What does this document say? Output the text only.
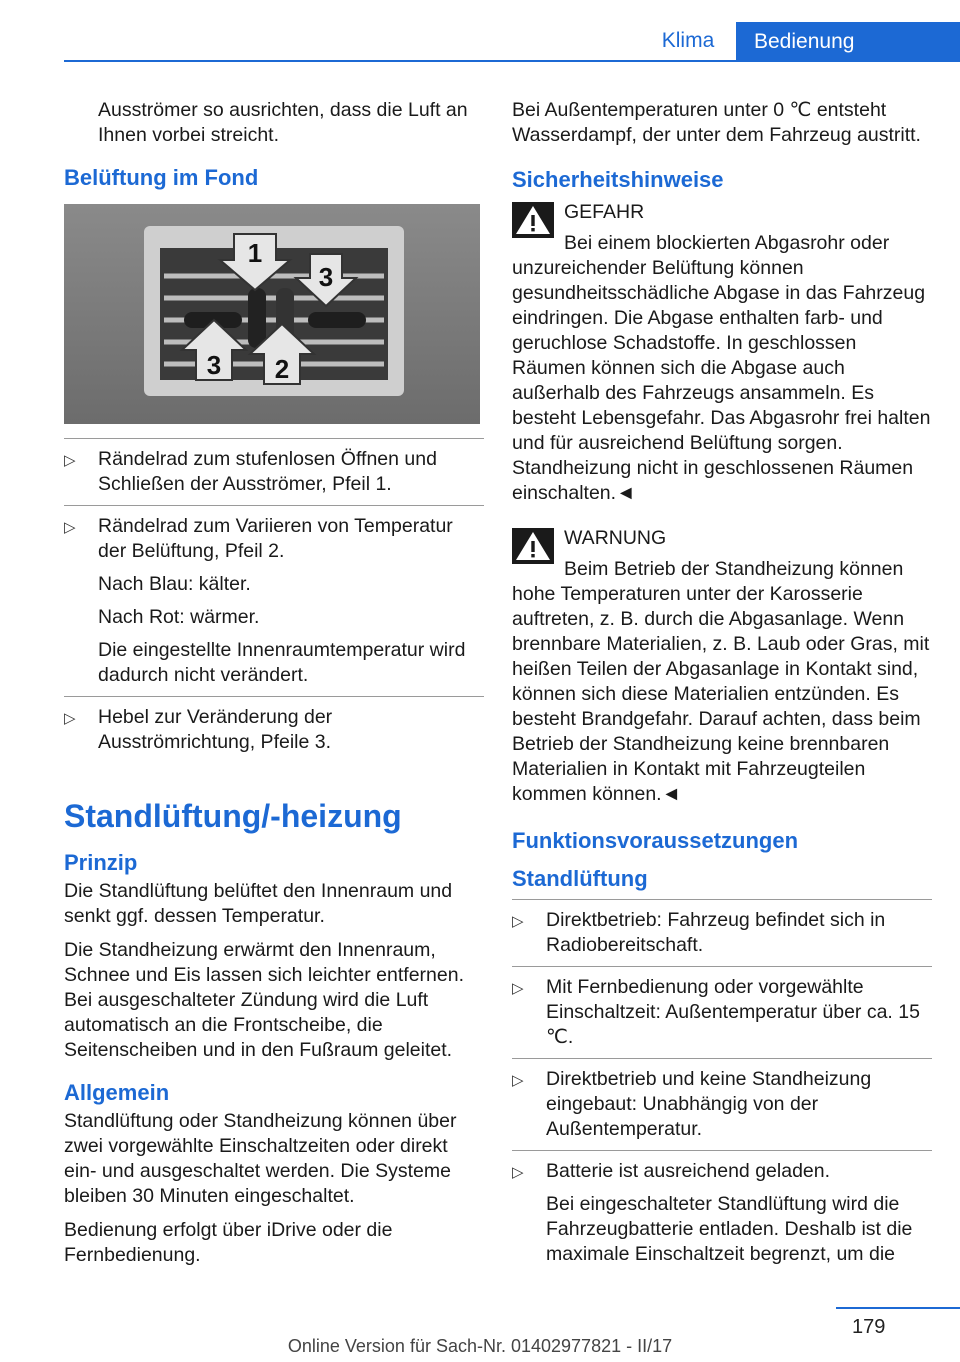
Klima	Bedienung

Ausströmer so ausrichten, dass die Luft an Ihnen vorbei streicht.

Belüftung im Fond
1
2
3
3
▷ Rändelrad zum stufenlosen Öffnen und Schließen der Ausströmer, Pfeil 1.

▷ Rändelrad zum Variieren von Temperatur der Belüftung, Pfeil 2.

Nach Blau: kälter.

Nach Rot: wärmer.

Die eingestellte Innenraumtemperatur wird dadurch nicht verändert.

▷ Hebel zur Veränderung der Ausströmrichtung, Pfeile 3.

Standlüftung/-heizung
Prinzip

Die Standlüftung belüftet den Innenraum und senkt ggf. dessen Temperatur.

Die Standheizung erwärmt den Innenraum, Schnee und Eis lassen sich leichter entfernen. Bei ausgeschalteter Zündung wird die Luft automatisch an die Frontscheibe, die Seitenscheiben und in den Fußraum geleitet.

Allgemein

Standlüftung oder Standheizung können über zwei vorgewählte Einschaltzeiten oder direkt ein- und ausgeschaltet werden. Die Systeme bleiben 30 Minuten eingeschaltet.

Bedienung erfolgt über iDrive oder die Fernbedienung.

Bei Außentemperaturen unter 0 ℃ entsteht Wasserdampf, der unter dem Fahrzeug austritt.

Sicherheitshinweise
GEFAHR

Bei einem blockierten Abgasrohr oder unzureichender Belüftung können gesundheitsschädliche Abgase in das Fahrzeug eindringen. Die Abgase enthalten farb- und geruchlose Schadstoffe. In geschlossen Räumen können sich die Abgase auch außerhalb des Fahrzeugs ansammeln. Es besteht Lebensgefahr. Das Abgasrohr frei halten und für ausreichend Belüftung sorgen. Standheizung nicht in geschlossenen Räumen einschalten.◄

WARNUNG

Beim Betrieb der Standheizung können hohe Temperaturen unter der Karosserie auftreten, z. B. durch die Abgasanlage. Wenn brennbare Materialien, z. B. Laub oder Gras, mit heißen Teilen der Abgasanlage in Kontakt sind, können sich diese Materialien entzünden. Es besteht Brandgefahr. Darauf achten, dass beim Betrieb der Standheizung keine brennbaren Materialien in Kontakt mit Fahrzeugteilen kommen können.◄

Funktionsvoraussetzungen
Standlüftung
▷ Direktbetrieb: Fahrzeug befindet sich in Radiobereitschaft.

▷ Mit Fernbedienung oder vorgewählte Einschaltzeit: Außentemperatur über ca. 15 ℃.

▷ Direktbetrieb und keine Standheizung eingebaut: Unabhängig von der Außentemperatur.

▷ Batterie ist ausreichend geladen.

Bei eingeschalteter Standlüftung wird die Fahrzeugbatterie entladen. Deshalb ist die maximale Einschaltzeit begrenzt, um die

179
Online Version für Sach-Nr. 01402977821 - II/17
